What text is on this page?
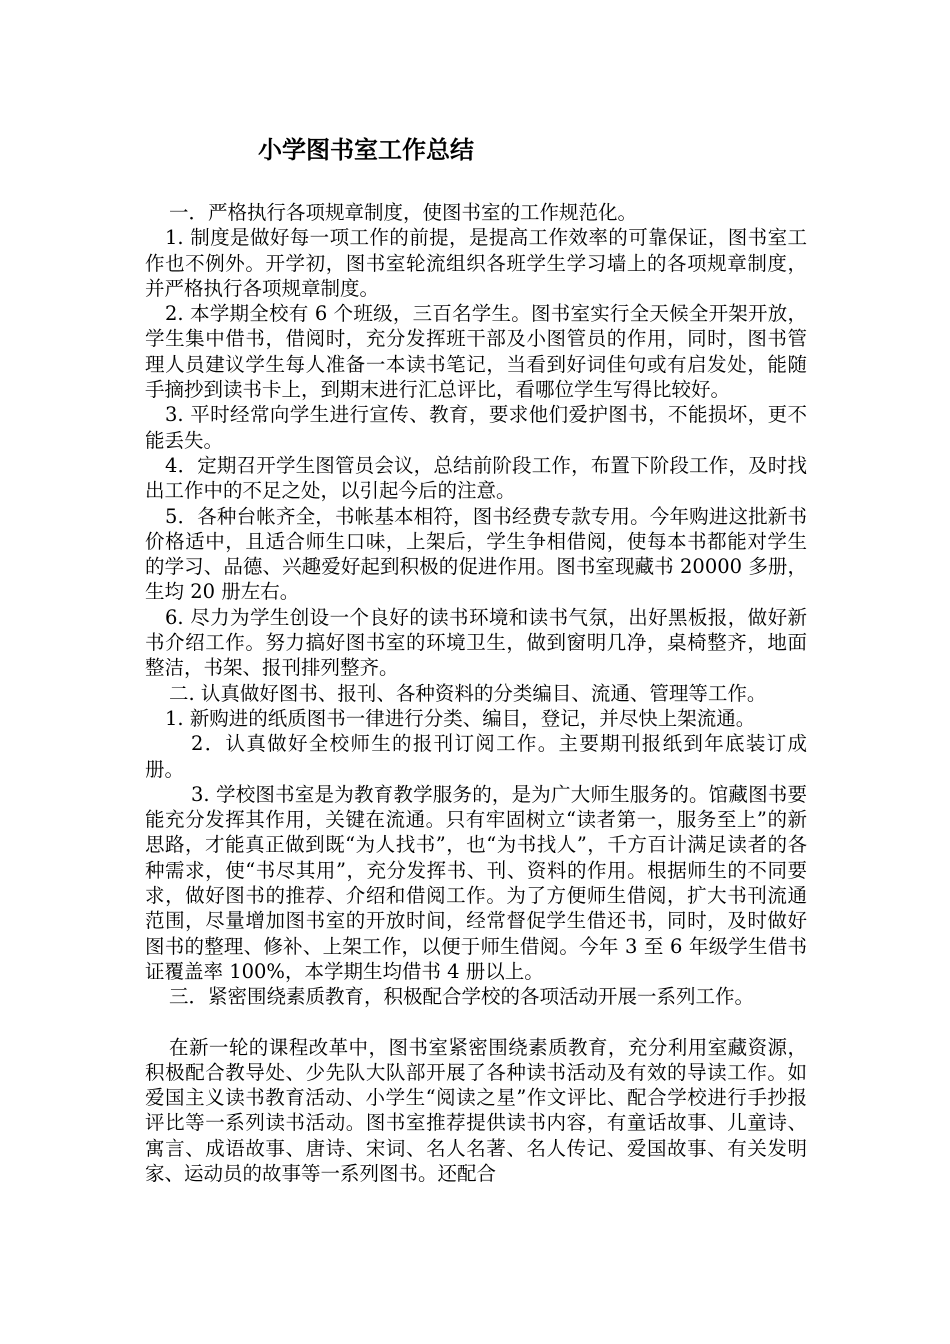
小学图书室工作总结

一．严格执行各项规章制度，使图书室的工作规范化。

1. 制度是做好每一项工作的前提，是提高工作效率的可靠保证，图书室工作也不例外。开学初，图书室轮流组织各班学生学习墙上的各项规章制度，并严格执行各项规章制度。

2. 本学期全校有 6 个班级，三百名学生。图书室实行全天候全开架开放，学生集中借书，借阅时，充分发挥班干部及小图管员的作用，同时，图书管理人员建议学生每人准备一本读书笔记，当看到好词佳句或有启发处，能随手摘抄到读书卡上，到期末进行汇总评比，看哪位学生写得比较好。

3. 平时经常向学生进行宣传、教育，要求他们爱护图书，不能损坏，更不能丢失。

4．定期召开学生图管员会议，总结前阶段工作，布置下阶段工作，及时找出工作中的不足之处，以引起今后的注意。

5．各种台帐齐全，书帐基本相符，图书经费专款专用。今年购进这批新书价格适中，且适合师生口味，上架后，学生争相借阅，使每本书都能对学生的学习、品德、兴趣爱好起到积极的促进作用。图书室现藏书 20000 多册，生均 20 册左右。

6. 尽力为学生创设一个良好的读书环境和读书气氛，出好黑板报，做好新书介绍工作。努力搞好图书室的环境卫生，做到窗明几净，桌椅整齐，地面整洁，书架、报刊排列整齐。

二. 认真做好图书、报刊、各种资料的分类编目、流通、管理等工作。

1. 新购进的纸质图书一律进行分类、编目，登记，并尽快上架流通。

2．认真做好全校师生的报刊订阅工作。主要期刊报纸到年底装订成册。

3. 学校图书室是为教育教学服务的，是为广大师生服务的。馆藏图书要能充分发挥其作用，关键在流通。只有牢固树立“读者第一，服务至上”的新思路，才能真正做到既“为人找书”，也“为书找人”，千方百计满足读者的各种需求，使“书尽其用”，充分发挥书、刊、资料的作用。根据师生的不同要求，做好图书的推荐、介绍和借阅工作。为了方便师生借阅，扩大书刊流通范围，尽量增加图书室的开放时间，经常督促学生借还书，同时，及时做好图书的整理、修补、上架工作，以便于师生借阅。今年 3 至 6 年级学生借书证覆盖率 100%，本学期生均借书 4 册以上。

三．紧密围绕素质教育，积极配合学校的各项活动开展一系列工作。

在新一轮的课程改革中，图书室紧密围绕素质教育，充分利用室藏资源，积极配合教导处、少先队大队部开展了各种读书活动及有效的导读工作。如爱国主义读书教育活动、小学生“阅读之星”作文评比、配合学校进行手抄报评比等一系列读书活动。图书室推荐提供读书内容，有童话故事、儿童诗、寓言、成语故事、唐诗、宋词、名人名著、名人传记、爱国故事、有关发明家、运动员的故事等一系列图书。还配合
